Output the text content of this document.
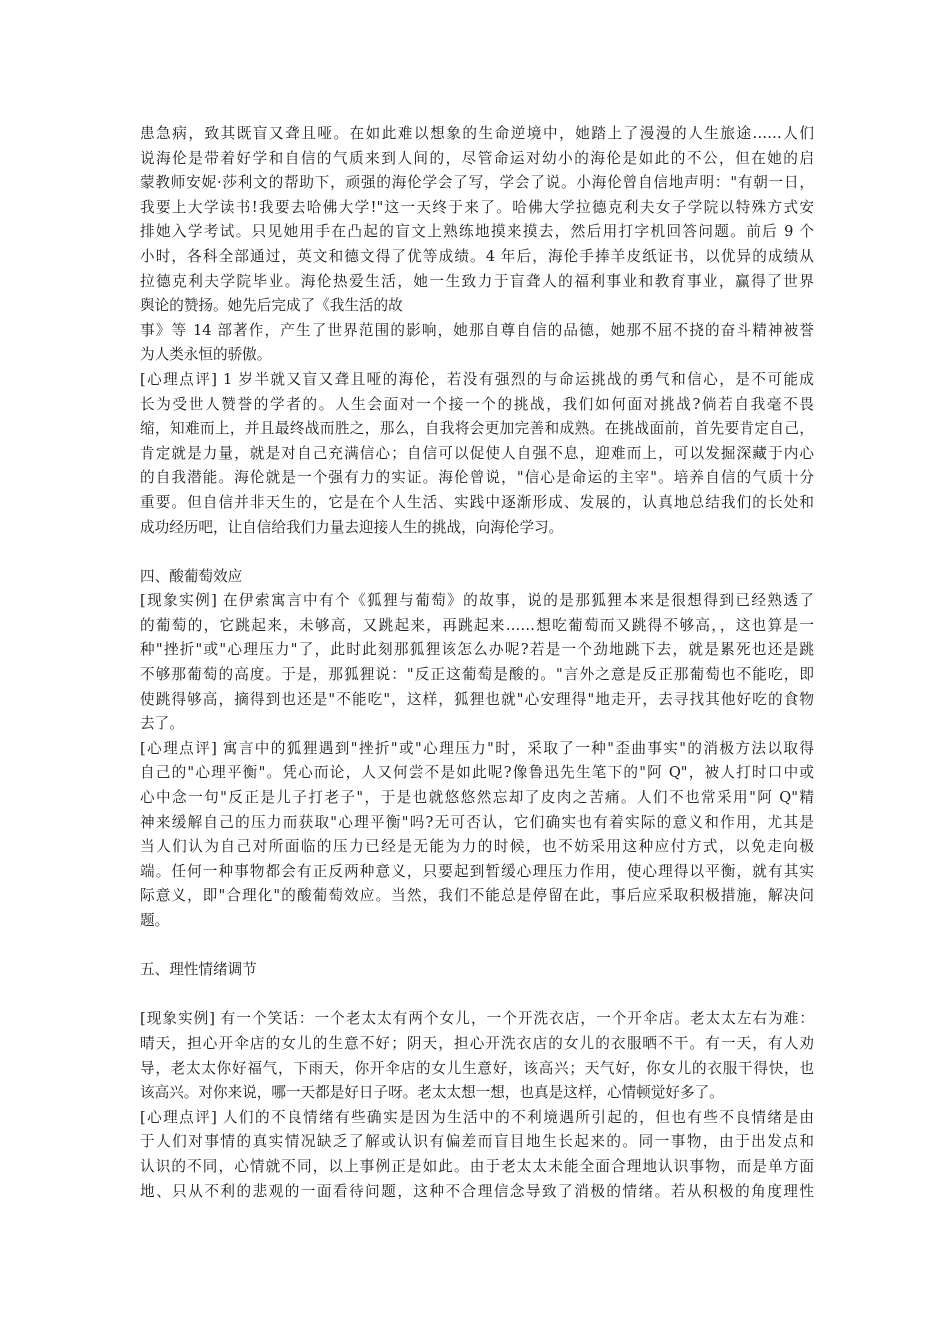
患急病，致其既盲又聋且哑。在如此难以想象的生命逆境中，她踏上了漫漫的人生旅途……人们
说海伦是带着好学和自信的气质来到人间的，尽管命运对幼小的海伦是如此的不公，但在她的启
蒙教师安妮·莎利文的帮助下，顽强的海伦学会了写，学会了说。小海伦曾自信地声明："有朝一日，
我要上大学读书!我要去哈佛大学!"这一天终于来了。哈佛大学拉德克利夫女子学院以特殊方式安
排她入学考试。只见她用手在凸起的盲文上熟练地摸来摸去，然后用打字机回答问题。前后 9 个
小时，各科全部通过，英文和德文得了优等成绩。4 年后，海伦手捧羊皮纸证书，以优异的成绩从
拉德克利夫学院毕业。海伦热爱生活，她一生致力于盲聋人的福利事业和教育事业，赢得了世界
舆论的赞扬。她先后完成了《我生活的故
事》等 14 部著作，产生了世界范围的影响，她那自尊自信的品德，她那不屈不挠的奋斗精神被誉
为人类永恒的骄傲。
[心理点评] 1 岁半就又盲又聋且哑的海伦，若没有强烈的与命运挑战的勇气和信心，是不可能成
长为受世人赞誉的学者的。人生会面对一个接一个的挑战，我们如何面对挑战?倘若自我毫不畏
缩，知难而上，并且最终战而胜之，那么，自我将会更加完善和成熟。在挑战面前，首先要肯定自己，
肯定就是力量，就是对自己充满信心；自信可以促使人自强不息，迎难而上，可以发掘深藏于内心
的自我潜能。海伦就是一个强有力的实证。海伦曾说，"信心是命运的主宰"。培养自信的气质十分
重要。但自信并非天生的，它是在个人生活、实践中逐渐形成、发展的，认真地总结我们的长处和
成功经历吧，让自信给我们力量去迎接人生的挑战，向海伦学习。
四、酸葡萄效应
[现象实例] 在伊索寓言中有个《狐狸与葡萄》的故事，说的是那狐狸本来是很想得到已经熟透了
的葡萄的，它跳起来，未够高，又跳起来，再跳起来……想吃葡萄而又跳得不够高，，这也算是一
种"挫折"或"心理压力"了，此时此刻那狐狸该怎么办呢?若是一个劲地跳下去，就是累死也还是跳
不够那葡萄的高度。于是，那狐狸说："反正这葡萄是酸的。"言外之意是反正那葡萄也不能吃，即
使跳得够高，摘得到也还是"不能吃"，这样，狐狸也就"心安理得"地走开，去寻找其他好吃的食物
去了。
[心理点评] 寓言中的狐狸遇到"挫折"或"心理压力"时，采取了一种"歪曲事实"的消极方法以取得
自己的"心理平衡"。凭心而论，人又何尝不是如此呢?像鲁迅先生笔下的"阿 Q"，被人打时口中或
心中念一句"反正是儿子打老子"，于是也就悠悠然忘却了皮肉之苦痛。人们不也常采用"阿 Q"精
神来缓解自己的压力而获取"心理平衡"吗?无可否认，它们确实也有着实际的意义和作用，尤其是
当人们认为自己对所面临的压力已经是无能为力的时候，也不妨采用这种应付方式，以免走向极
端。任何一种事物都会有正反两种意义，只要起到暂缓心理压力作用，使心理得以平衡，就有其实
际意义，即"合理化"的酸葡萄效应。当然，我们不能总是停留在此，事后应采取积极措施，解决问
题。
五、理性情绪调节
[现象实例] 有一个笑话：一个老太太有两个女儿，一个开洗衣店，一个开伞店。老太太左右为难：
晴天，担心开伞店的女儿的生意不好；阴天，担心开洗衣店的女儿的衣服晒不干。有一天，有人劝
导，老太太你好福气，下雨天，你开伞店的女儿生意好，该高兴；天气好，你女儿的衣服干得快，也
该高兴。对你来说，哪一天都是好日子呀。老太太想一想，也真是这样，心情顿觉好多了。
[心理点评] 人们的不良情绪有些确实是因为生活中的不利境遇所引起的，但也有些不良情绪是由
于人们对事情的真实情况缺乏了解或认识有偏差而盲目地生长起来的。同一事物，由于出发点和
认识的不同，心情就不同，以上事例正是如此。由于老太太未能全面合理地认识事物，而是单方面
地、只从不利的悲观的一面看待问题，这种不合理信念导致了消极的情绪。若从积极的角度理性
